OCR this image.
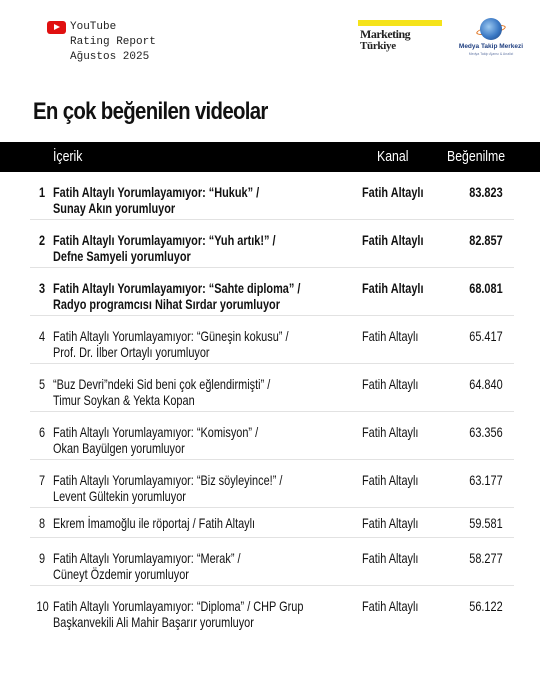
YouTube
Rating Report
Ağustos 2025
Marketing
Türkiye	Medya Takip Merkezi
Medya Takip Ajansı & Analizi
En çok beğenilen videolar
İçerik	Kanal	Beğenilme
1 Fatih Altaylı Yorumlayamıyor: “Hukuk” /
Sunay Akın yorumluyor
Fatih Altaylı	83.823
2 Fatih Altaylı Yorumlayamıyor: “Yuh artık!” /
Defne Samyeli yorumluyor
Fatih Altaylı	82.857
3 Fatih Altaylı Yorumlayamıyor: “Sahte diploma” /
Radyo programcısı Nihat Sırdar yorumluyor
Fatih Altaylı	68.081
4 Fatih Altaylı Yorumlayamıyor: “Güneşin kokusu” /
Prof. Dr. İlber Ortaylı yorumluyor
Fatih Altaylı	65.417
5 “Buz Devri”ndeki Sid beni çok eğlendirmişti” /
Timur Soykan & Yekta Kopan
Fatih Altaylı	64.840
6 Fatih Altaylı Yorumlayamıyor: “Komisyon” /
Okan Bayülgen yorumluyor
Fatih Altaylı	63.356
7 Fatih Altaylı Yorumlayamıyor: “Biz söyleyince!” /
Levent Gültekin yorumluyor
Fatih Altaylı	63.177
8 Ekrem İmamoğlu ile röportaj / Fatih Altaylı	Fatih Altaylı	59.581
9 Fatih Altaylı Yorumlayamıyor: “Merak” /
Cüneyt Özdemir yorumluyor
Fatih Altaylı	58.277
10 Fatih Altaylı Yorumlayamıyor: “Diploma” / CHP Grup
Başkanvekili Ali Mahir Başarır yorumluyor
Fatih Altaylı	56.122
